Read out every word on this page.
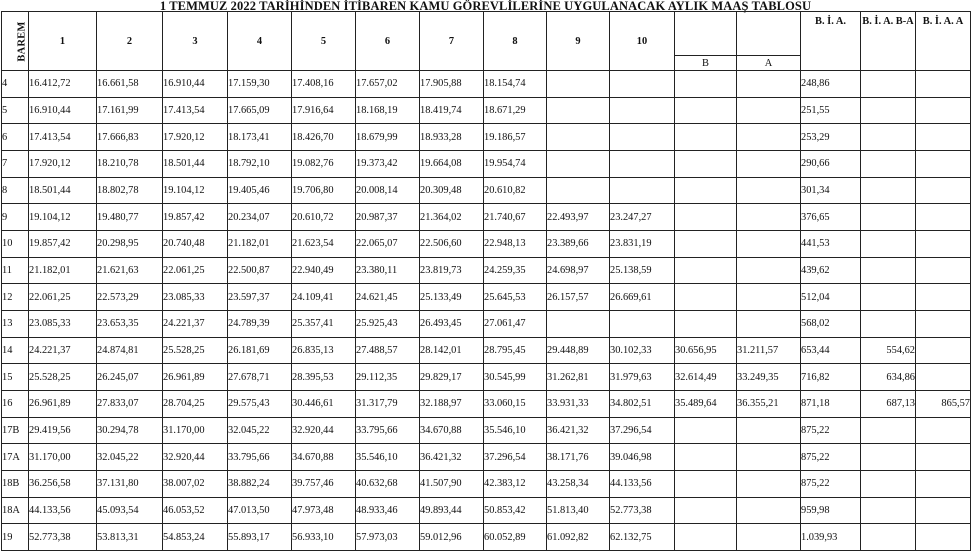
1 TEMMUZ 2022 TARİHİNDEN İTİBAREN KAMU GÖREVLİLERİNE UYGULANACAK AYLIK MAAŞ TABLOSU
BAREM	1	2	3	4	5	6	7	8	9	10			B. İ. A.	B. İ. A. B-A	B. İ. A. A
											B	A			
4	16.412,72	16.661,58	16.910,44	17.159,30	17.408,16	17.657,02	17.905,88	18.154,74					248,86		
5	16.910,44	17.161,99	17.413,54	17.665,09	17.916,64	18.168,19	18.419,74	18.671,29					251,55		
6	17.413,54	17.666,83	17.920,12	18.173,41	18.426,70	18.679,99	18.933,28	19.186,57					253,29		
7	17.920,12	18.210,78	18.501,44	18.792,10	19.082,76	19.373,42	19.664,08	19.954,74					290,66		
8	18.501,44	18.802,78	19.104,12	19.405,46	19.706,80	20.008,14	20.309,48	20.610,82					301,34		
9	19.104,12	19.480,77	19.857,42	20.234,07	20.610,72	20.987,37	21.364,02	21.740,67	22.493,97	23.247,27			376,65		
10	19.857,42	20.298,95	20.740,48	21.182,01	21.623,54	22.065,07	22.506,60	22.948,13	23.389,66	23.831,19			441,53		
11	21.182,01	21.621,63	22.061,25	22.500,87	22.940,49	23.380,11	23.819,73	24.259,35	24.698,97	25.138,59			439,62		
12	22.061,25	22.573,29	23.085,33	23.597,37	24.109,41	24.621,45	25.133,49	25.645,53	26.157,57	26.669,61			512,04		
13	23.085,33	23.653,35	24.221,37	24.789,39	25.357,41	25.925,43	26.493,45	27.061,47					568,02		
14	24.221,37	24.874,81	25.528,25	26.181,69	26.835,13	27.488,57	28.142,01	28.795,45	29.448,89	30.102,33	30.656,95	31.211,57	653,44	554,62	
15	25.528,25	26.245,07	26.961,89	27.678,71	28.395,53	29.112,35	29.829,17	30.545,99	31.262,81	31.979,63	32.614,49	33.249,35	716,82	634,86	
16	26.961,89	27.833,07	28.704,25	29.575,43	30.446,61	31.317,79	32.188,97	33.060,15	33.931,33	34.802,51	35.489,64	36.355,21	871,18	687,13	865,57
17B	29.419,56	30.294,78	31.170,00	32.045,22	32.920,44	33.795,66	34.670,88	35.546,10	36.421,32	37.296,54			875,22		
17A	31.170,00	32.045,22	32.920,44	33.795,66	34.670,88	35.546,10	36.421,32	37.296,54	38.171,76	39.046,98			875,22		
18B	36.256,58	37.131,80	38.007,02	38.882,24	39.757,46	40.632,68	41.507,90	42.383,12	43.258,34	44.133,56			875,22		
18A	44.133,56	45.093,54	46.053,52	47.013,50	47.973,48	48.933,46	49.893,44	50.853,42	51.813,40	52.773,38			959,98		
19	52.773,38	53.813,31	54.853,24	55.893,17	56.933,10	57.973,03	59.012,96	60.052,89	61.092,82	62.132,75			1.039,93		
